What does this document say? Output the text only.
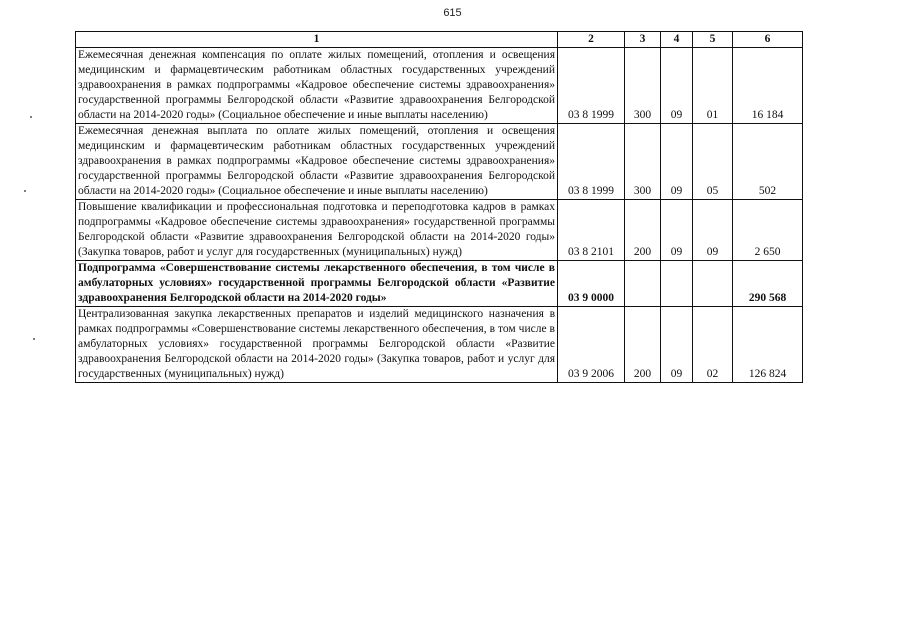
615
1	2	3	4	5	6
Ежемесячная денежная компенсация по оплате жилых помещений, отопления и освещения медицинским и фармацевтическим работникам областных государственных учреждений здравоохранения в рамках подпрограммы «Кадровое обеспечение системы здравоохранения» государственной программы Белгородской области «Развитие здравоохранения Белгородской области на 2014-2020 годы» (Социальное обеспечение и иные выплаты населению)	03 8 1999	300	09	01	16 184
Ежемесячная денежная выплата по оплате жилых помещений, отопления и освещения медицинским и фармацевтическим работникам областных государственных учреждений здравоохранения в рамках подпрограммы «Кадровое обеспечение системы здравоохранения» государственной программы Белгородской области «Развитие здравоохранения Белгородской области на 2014-2020 годы» (Социальное обеспечение и иные выплаты населению)	03 8 1999	300	09	05	502
Повышение квалификации и профессиональная подготовка и переподготовка кадров в рамках подпрограммы «Кадровое обеспечение системы здравоохранения» государственной программы Белгородской области «Развитие здравоохранения Белгородской области на 2014-2020 годы» (Закупка товаров, работ и услуг для государственных (муниципальных) нужд)	03 8 2101	200	09	09	2 650
Подпрограмма «Совершенствование системы лекарственного обеспечения, в том числе в амбулаторных условиях» государственной программы Белгородской области «Развитие здравоохранения Белгородской области на 2014-2020 годы»	03 9 0000				290 568
Централизованная закупка лекарственных препаратов и изделий медицинского назначения в рамках подпрограммы «Совершенствование системы лекарственного обеспечения, в том числе в амбулаторных условиях» государственной программы Белгородской области «Развитие здравоохранения Белгородской области на 2014-2020 годы» (Закупка товаров, работ и услуг для государственных (муниципальных) нужд)	03 9 2006	200	09	02	126 824
